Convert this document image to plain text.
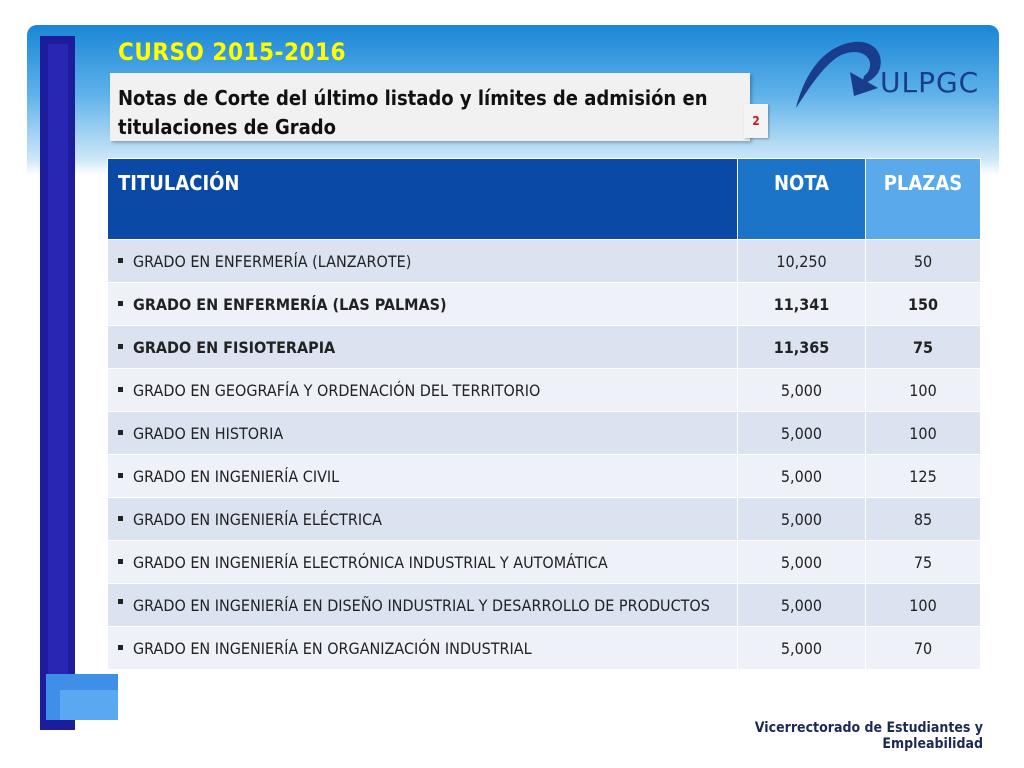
CURSO 2015-2016
Notas de Corte del último listado y límites de admisión en titulaciones de Grado	2
ULPGC
TITULACIÓN	NOTA	PLAZAS
GRADO EN ENFERMERÍA (LANZAROTE)	10,250	50
GRADO EN ENFERMERÍA (LAS PALMAS)	11,341	150
GRADO EN FISIOTERAPIA	11,365	75
GRADO EN GEOGRAFÍA Y ORDENACIÓN DEL TERRITORIO	5,000	100
GRADO EN HISTORIA	5,000	100
GRADO EN INGENIERÍA CIVIL	5,000	125
GRADO EN INGENIERÍA ELÉCTRICA	5,000	85
GRADO EN INGENIERÍA ELECTRÓNICA INDUSTRIAL Y AUTOMÁTICA	5,000	75

GRADO EN INGENIERÍA EN DISEÑO INDUSTRIAL Y DESARROLLO DE PRODUCTOS	5,000	100
GRADO EN INGENIERÍA EN ORGANIZACIÓN INDUSTRIAL	5,000	70
Vicerrectorado de Estudiantes y Empleabilidad
